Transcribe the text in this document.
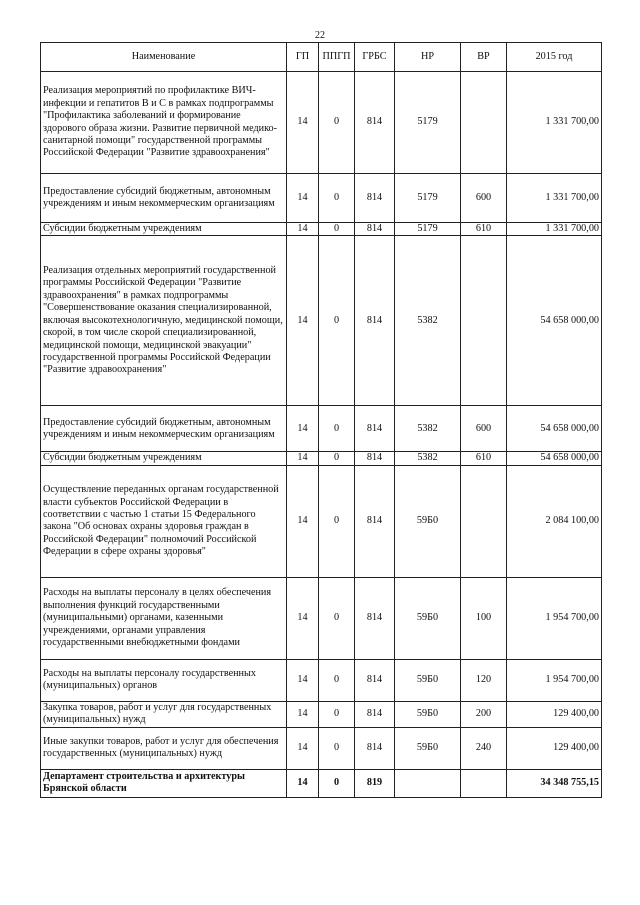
22
Наименование	ГП	ППГП	ГРБС	НР	ВР	2015 год
Реализация мероприятий по профилактике ВИЧ-инфекции и гепатитов В и С в рамках подпрограммы "Профилактика заболеваний и формирование здорового образа жизни. Развитие первичной медико-санитарной помощи" государственной программы Российской Федерации "Развитие здравоохранения"	14	0	814	5179		1 331 700,00
Предоставление субсидий бюджетным, автономным учреждениям и иным некоммерческим организациям	14	0	814	5179	600	1 331 700,00
Субсидии бюджетным учреждениям	14	0	814	5179	610	1 331 700,00
Реализация отдельных мероприятий государственной программы Российской Федерации "Развитие здравоохранения" в рамках подпрограммы "Совершенствование оказания специализированной, включая высокотехнологичную, медицинской помощи, скорой, в том числе скорой специализированной, медицинской помощи, медицинской эвакуации" государственной программы Российской Федерации "Развитие здравоохранения"	14	0	814	5382		54 658 000,00
Предоставление субсидий бюджетным, автономным учреждениям и иным некоммерческим организациям	14	0	814	5382	600	54 658 000,00
Субсидии бюджетным учреждениям	14	0	814	5382	610	54 658 000,00
Осуществление переданных органам государственной власти субъектов Российской Федерации в соответствии с частью 1 статьи 15 Федерального закона "Об основах охраны здоровья граждан в Российской Федерации" полномочий Российской Федерации в сфере охраны здоровья"	14	0	814	59Б0		2 084 100,00
Расходы на выплаты персоналу в целях обеспечения выполнения функций государственными (муниципальными) органами, казенными учреждениями, органами управления государственными внебюджетными фондами	14	0	814	59Б0	100	1 954 700,00
Расходы на выплаты персоналу государственных (муниципальных) органов	14	0	814	59Б0	120	1 954 700,00
Закупка товаров, работ и услуг для государственных (муниципальных) нужд	14	0	814	59Б0	200	129 400,00
Иные закупки товаров, работ и услуг для обеспечения государственных (муниципальных) нужд	14	0	814	59Б0	240	129 400,00
Департамент строительства и архитектуры Брянской области	14	0	819			34 348 755,15
